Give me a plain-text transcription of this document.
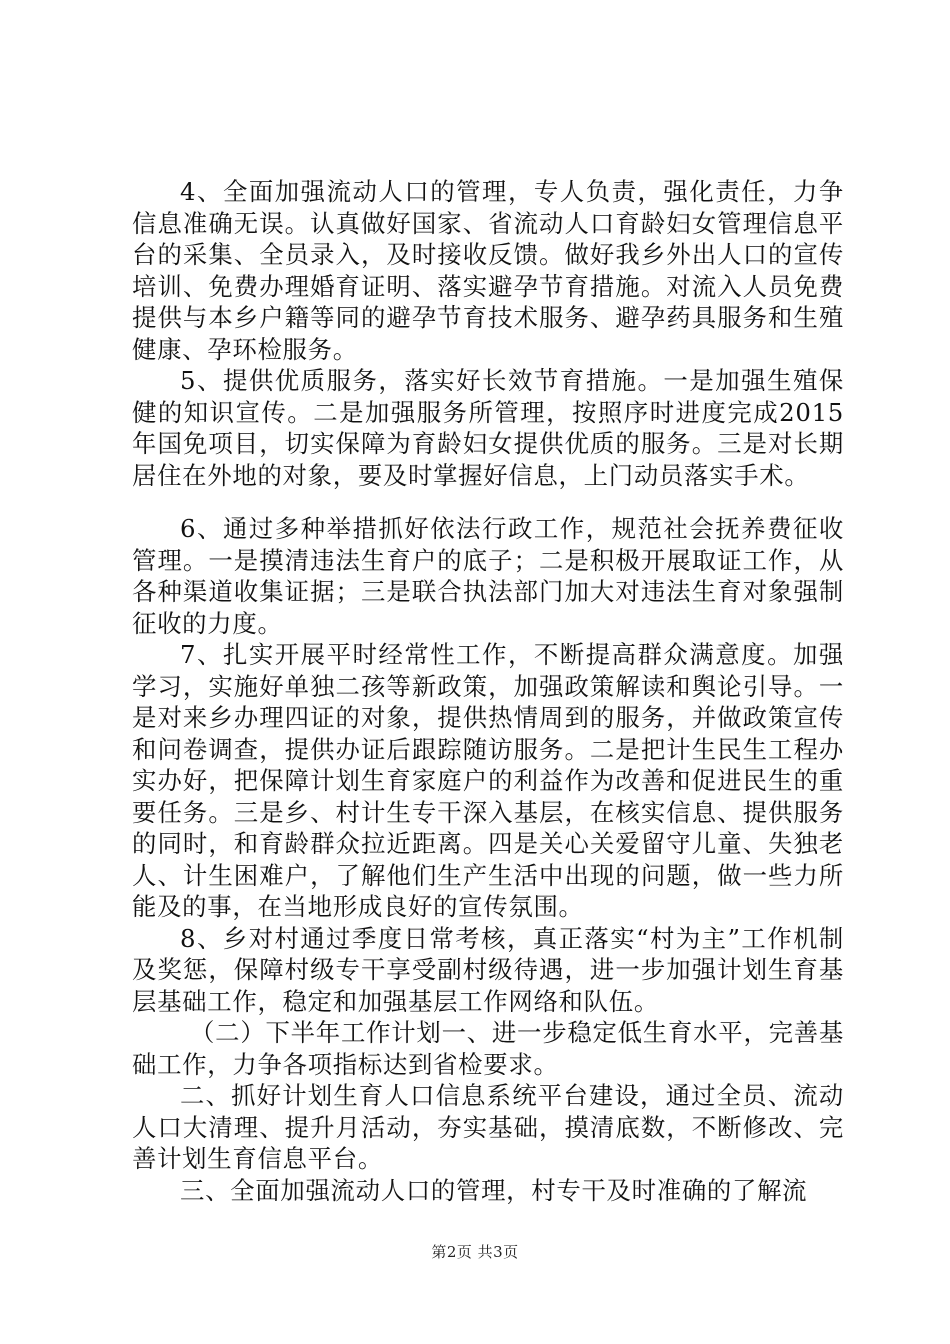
4、全面加强流动人口的管理，专人负责，强化责任，力争信息准确无误。认真做好国家、省流动人口育龄妇女管理信息平台的采集、全员录入，及时接收反馈。做好我乡外出人口的宣传培训、免费办理婚育证明、落实避孕节育措施。对流入人员免费提供与本乡户籍等同的避孕节育技术服务、避孕药具服务和生殖健康、孕环检服务。

5、提供优质服务，落实好长效节育措施。一是加强生殖保健的知识宣传。二是加强服务所管理，按照序时进度完成2015年国免项目，切实保障为育龄妇女提供优质的服务。三是对长期居住在外地的对象，要及时掌握好信息，上门动员落实手术。

6、通过多种举措抓好依法行政工作，规范社会抚养费征收管理。一是摸清违法生育户的底子；二是积极开展取证工作，从各种渠道收集证据；三是联合执法部门加大对违法生育对象强制征收的力度。

7、扎实开展平时经常性工作，不断提高群众满意度。加强学习，实施好单独二孩等新政策，加强政策解读和舆论引导。一是对来乡办理四证的对象，提供热情周到的服务，并做政策宣传和问卷调查，提供办证后跟踪随访服务。二是把计生民生工程办实办好，把保障计划生育家庭户的利益作为改善和促进民生的重要任务。三是乡、村计生专干深入基层，在核实信息、提供服务的同时，和育龄群众拉近距离。四是关心关爱留守儿童、失独老人、计生困难户，了解他们生产生活中出现的问题，做一些力所能及的事，在当地形成良好的宣传氛围。

8、乡对村通过季度日常考核，真正落实“村为主”工作机制及奖惩，保障村级专干享受副村级待遇，进一步加强计划生育基层基础工作，稳定和加强基层工作网络和队伍。

（二）下半年工作计划一、进一步稳定低生育水平，完善基础工作，力争各项指标达到省检要求。

二、抓好计划生育人口信息系统平台建设，通过全员、流动人口大清理、提升月活动，夯实基础，摸清底数，不断修改、完善计划生育信息平台。

三、全面加强流动人口的管理，村专干及时准确的了解流

第2页 共3页
